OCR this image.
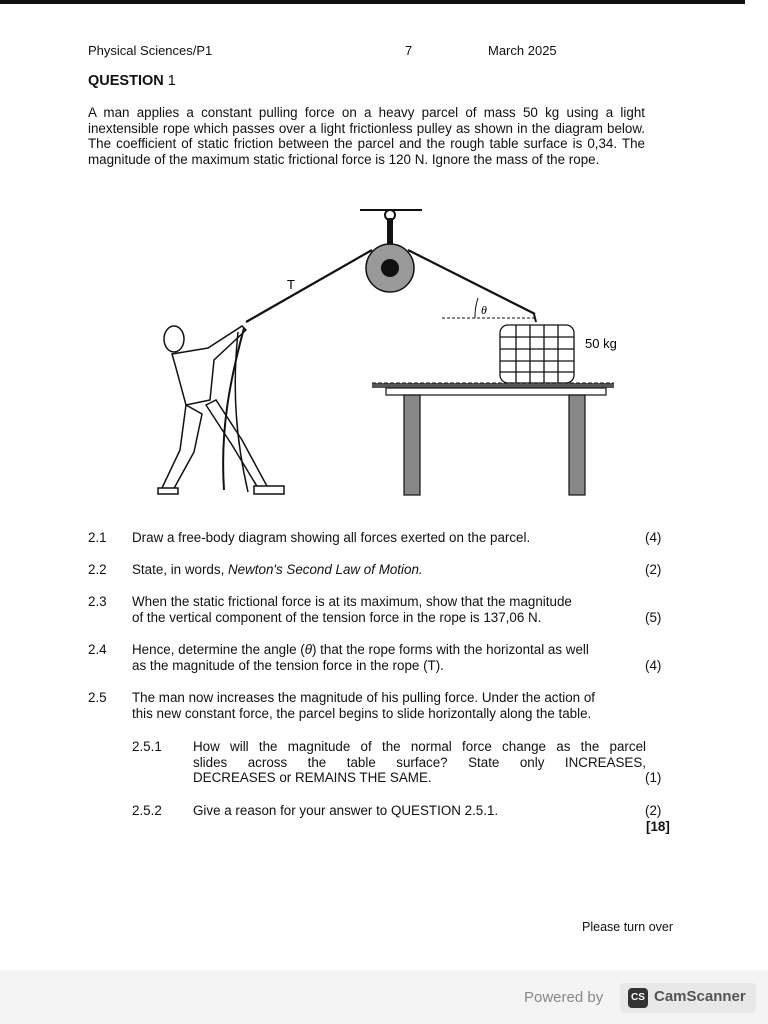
Physical Sciences/P1	7	March 2025
QUESTION 1
A man applies a constant pulling force on a heavy parcel of mass 50 kg using a light inextensible rope which passes over a light frictionless pulley as shown in the diagram below. The coefficient of static friction between the parcel and the rough table surface is 0,34. The magnitude of the maximum static frictional force is 120 N. Ignore the mass of the rope.
θ
T
50 kg
2.1 Draw a free-body diagram showing all forces exerted on the parcel.	(4)
2.2 State, in words, Newton's Second Law of Motion.	(2)
2.3 When the static frictional force is at its maximum, show that the magnitude
of the vertical component of the tension force in the rope is 137,06 N.	(5)
2.4 Hence, determine the angle (θ) that the rope forms with the horizontal as well
as the magnitude of the tension force in the rope (T).	(4)
2.5 The man now increases the magnitude of his pulling force. Under the action of
this new constant force, the parcel begins to slide horizontally along the table.
2.5.1 How will the magnitude of the normal force change as the parcel
slides across the table surface? State only INCREASES,
DECREASES or REMAINS THE SAME.	(1)
2.5.2 Give a reason for your answer to QUESTION 2.5.1.	(2)
[18]
Please turn over
Powered by	CS CamScanner
